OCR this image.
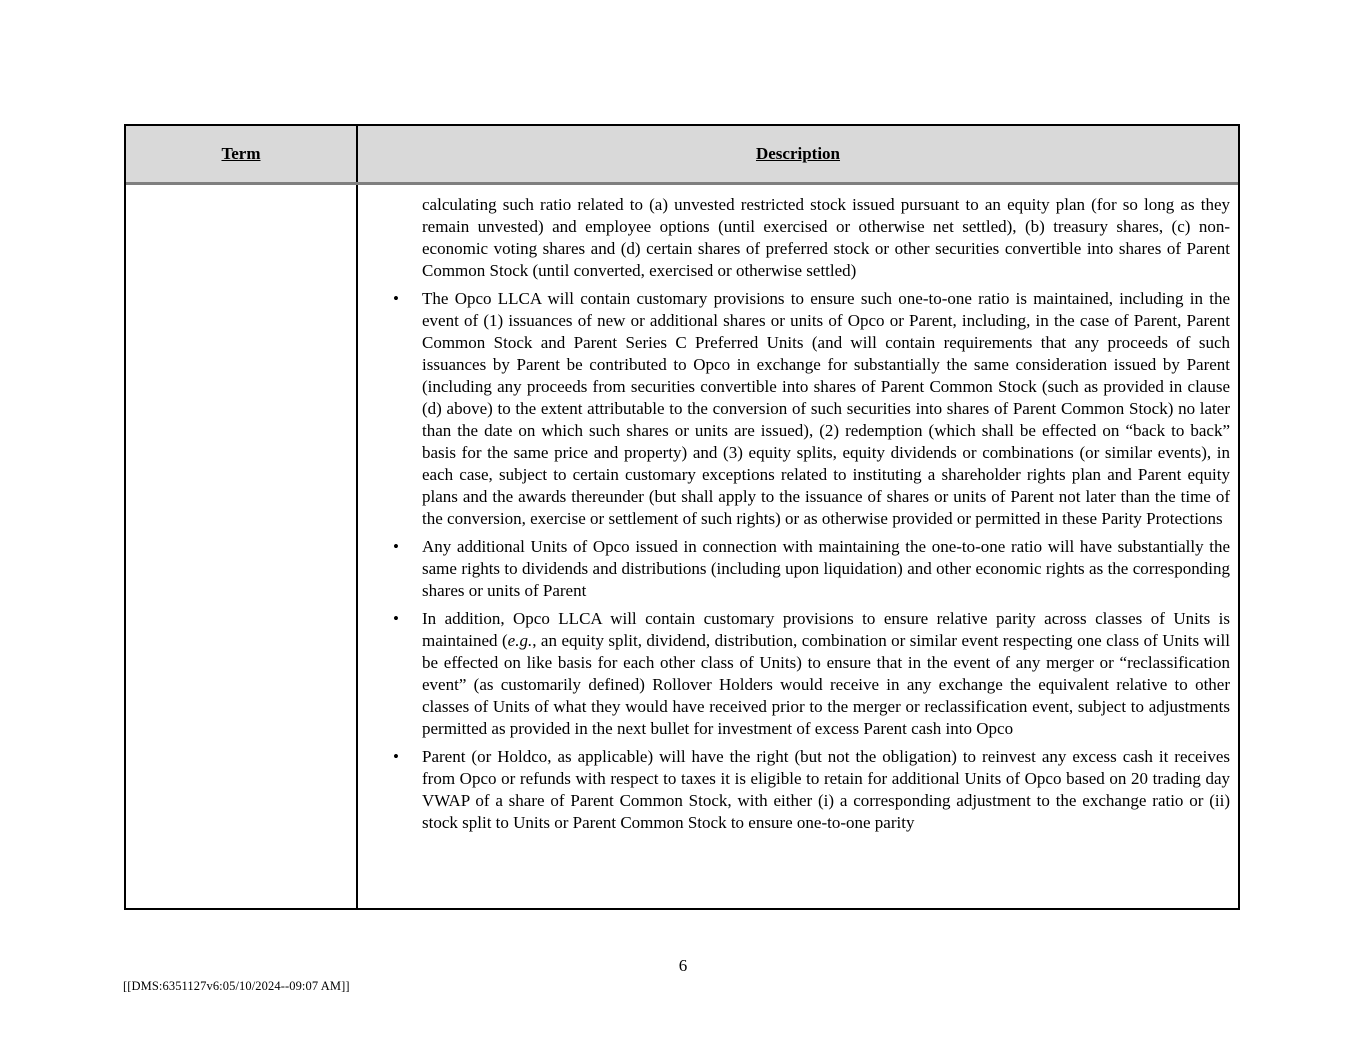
Term	Description
calculating such ratio related to (a) unvested restricted stock issued pursuant to an equity plan (for so long as they remain unvested) and employee options (until exercised or otherwise net settled), (b) treasury shares, (c) non-economic voting shares and (d) certain shares of preferred stock or other securities convertible into shares of Parent Common Stock (until converted, exercised or otherwise settled)
•	The Opco LLCA will contain customary provisions to ensure such one-to-one ratio is maintained, including in the event of (1) issuances of new or additional shares or units of Opco or Parent, including, in the case of Parent, Parent Common Stock and Parent Series C Preferred Units (and will contain requirements that any proceeds of such issuances by Parent be contributed to Opco in exchange for substantially the same consideration issued by Parent (including any proceeds from securities convertible into shares of Parent Common Stock (such as provided in clause (d) above) to the extent attributable to the conversion of such securities into shares of Parent Common Stock) no later than the date on which such shares or units are issued), (2) redemption (which shall be effected on “back to back” basis for the same price and property) and (3) equity splits, equity dividends or combinations (or similar events), in each case, subject to certain customary exceptions related to instituting a shareholder rights plan and Parent equity plans and the awards thereunder (but shall apply to the issuance of shares or units of Parent not later than the time of the conversion, exercise or settlement of such rights) or as otherwise provided or permitted in these Parity Protections
•	Any additional Units of Opco issued in connection with maintaining the one-to-one ratio will have substantially the same rights to dividends and distributions (including upon liquidation) and other economic rights as the corresponding shares or units of Parent
•	In addition, Opco LLCA will contain customary provisions to ensure relative parity across classes of Units is maintained (e.g., an equity split, dividend, distribution, combination or similar event respecting one class of Units will be effected on like basis for each other class of Units) to ensure that in the event of any merger or “reclassification event” (as customarily defined) Rollover Holders would receive in any exchange the equivalent relative to other classes of Units of what they would have received prior to the merger or reclassification event, subject to adjustments permitted as provided in the next bullet for investment of excess Parent cash into Opco
•	Parent (or Holdco, as applicable) will have the right (but not the obligation) to reinvest any excess cash it receives from Opco or refunds with respect to taxes it is eligible to retain for additional Units of Opco based on 20 trading day VWAP of a share of Parent Common Stock, with either (i) a corresponding adjustment to the exchange ratio or (ii) stock split to Units or Parent Common Stock to ensure one-to-one parity
6
[[DMS:6351127v6:05/10/2024--09:07 AM]]
